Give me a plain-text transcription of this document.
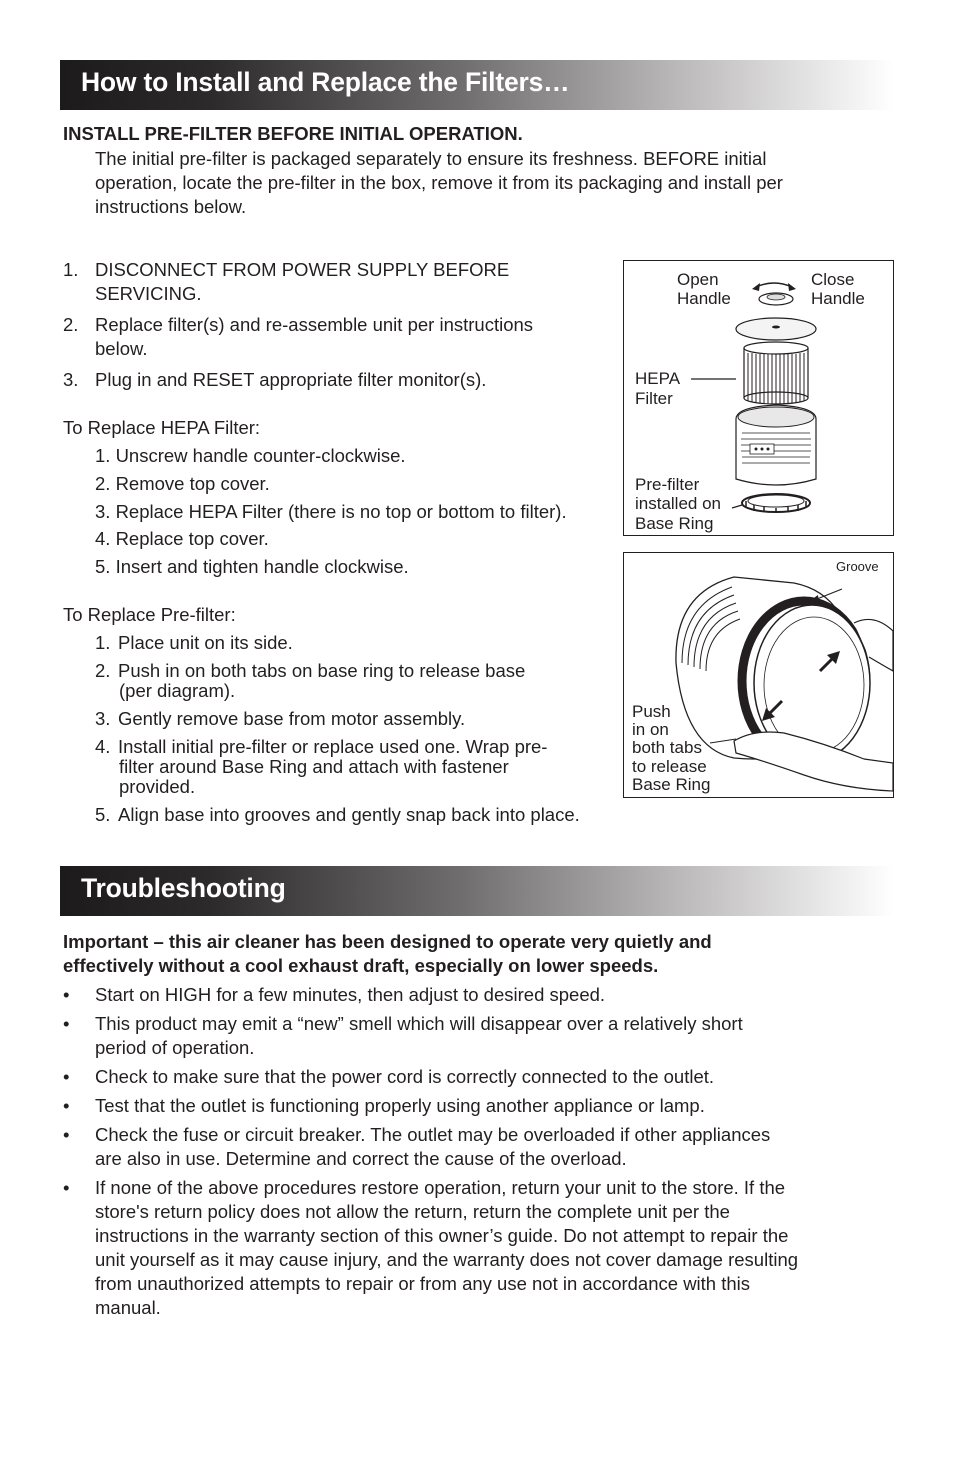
How to Install and Replace the Filters…
INSTALL PRE-FILTER BEFORE INITIAL OPERATION.
The initial pre-filter is packaged separately to ensure its freshness. BEFORE initial
operation, locate the pre-filter in the box, remove it from its packaging and install per
instructions below.
1. DISCONNECT FROM POWER SUPPLY BEFORE
SERVICING.
2. Replace filter(s) and re-assemble unit per instructions
below.
3. Plug in and RESET appropriate filter monitor(s).
To Replace HEPA Filter:
1. Unscrew handle counter-clockwise.
2. Remove top cover.
3. Replace HEPA Filter (there is no top or bottom to filter).
4. Replace top cover.
5. Insert and tighten handle clockwise.
To Replace Pre-filter:
1. Place unit on its side.
2. Push in on both tabs on base ring to release base
(per diagram).
3. Gently remove base from motor assembly.
4. Install initial pre-filter or replace used one. Wrap pre-
filter around Base Ring and attach with fastener
provided.
5. Align base into grooves and gently snap back into place.
Open
Handle
Close
Handle
HEPA
Filter
Pre-filter
installed on
Base Ring
Groove
Push
in on
both tabs
to release
Base Ring
Troubleshooting
Important – this air cleaner has been designed to operate very quietly and
effectively without a cool exhaust draft, especially on lower speeds.
• Start on HIGH for a few minutes, then adjust to desired speed.
• This product may emit a “new” smell which will disappear over a relatively short
period of operation.
• Check to make sure that the power cord is correctly connected to the outlet.
• Test that the outlet is functioning properly using another appliance or lamp.
• Check the fuse or circuit breaker. The outlet may be overloaded if other appliances
are also in use. Determine and correct the cause of the overload.
• If none of the above procedures restore operation, return your unit to the store. If the
store's return policy does not allow the return, return the complete unit per the
instructions in the warranty section of this owner’s guide. Do not attempt to repair the
unit yourself as it may cause injury, and the warranty does not cover damage resulting
from unauthorized attempts to repair or from any use not in accordance with this
manual.
